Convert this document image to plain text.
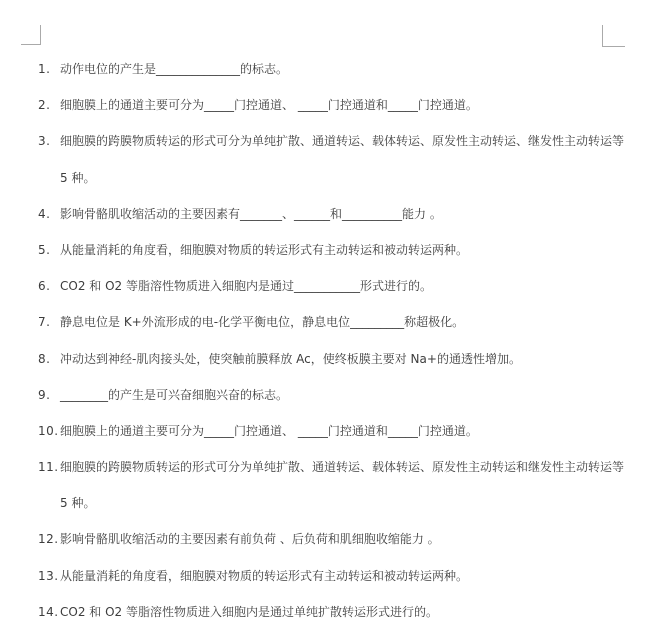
1. 动作电位的产生是______________的标志。
2. 细胞膜上的通道主要可分为_____门控通道、 _____门控通道和_____门控通道。
3. 细胞膜的跨膜物质转运的形式可分为单纯扩散、通道转运、载体转运、原发性主动转运、继发性主动转运等
5 种。
4. 影响骨骼肌收缩活动的主要因素有_______、______和__________能力 。
5. 从能量消耗的角度看，细胞膜对物质的转运形式有主动转运和被动转运两种。
6. CO2 和 O2 等脂溶性物质进入细胞内是通过___________形式进行的。
7. 静息电位是 K+外流形成的电-化学平衡电位，静息电位_________称超极化。
8. 冲动达到神经-肌肉接头处，使突触前膜释放 Ac，使终板膜主要对 Na+的通透性增加。
9. ________的产生是可兴奋细胞兴奋的标志。
10. 细胞膜上的通道主要可分为_____门控通道、 _____门控通道和_____门控通道。
11. 细胞膜的跨膜物质转运的形式可分为单纯扩散、通道转运、载体转运、原发性主动转运和继发性主动转运等
5 种。
12. 影响骨骼肌收缩活动的主要因素有前负荷 、后负荷和肌细胞收缩能力 。
13. 从能量消耗的角度看，细胞膜对物质的转运形式有主动转运和被动转运两种。
14. CO2 和 O2 等脂溶性物质进入细胞内是通过单纯扩散转运形式进行的。
